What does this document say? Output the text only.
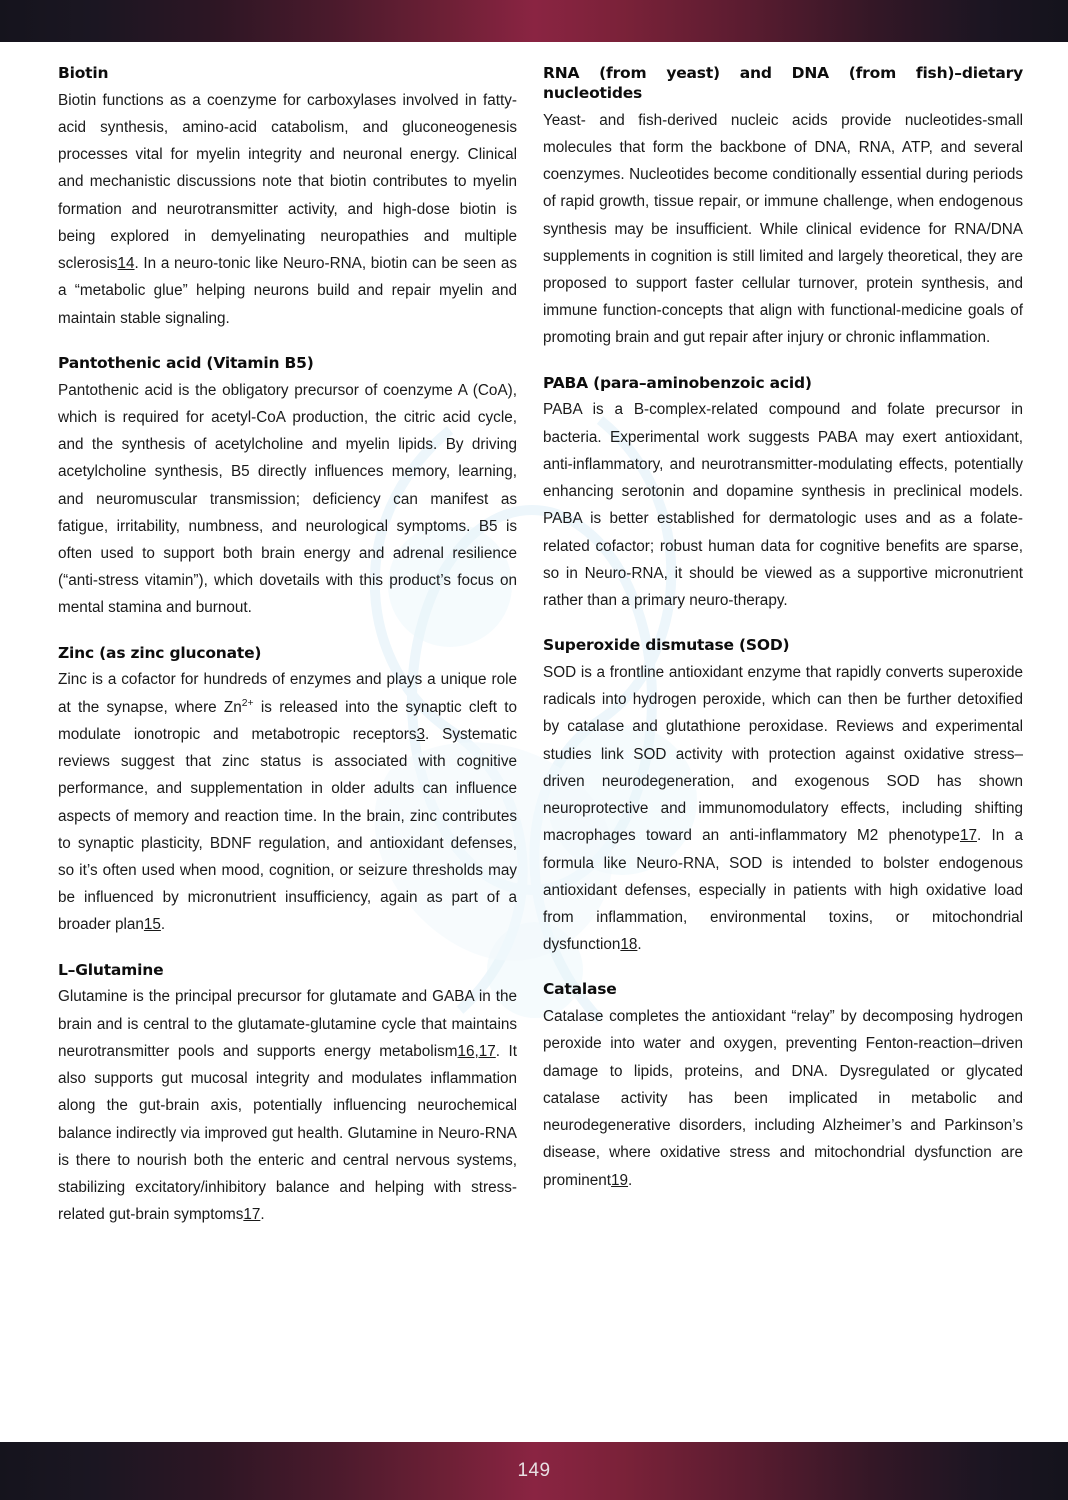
Biotin

Biotin functions as a coenzyme for carboxylases involved in fatty-acid synthesis, amino-acid catabolism, and gluconeogenesis processes vital for myelin integrity and neuronal energy. Clinical and mechanistic discussions note that biotin contributes to myelin formation and neurotransmitter activity, and high-dose biotin is being explored in demyelinating neuropathies and multiple sclerosis14. In a neuro-tonic like Neuro-RNA, biotin can be seen as a “metabolic glue” helping neurons build and repair myelin and maintain stable signaling.

Pantothenic acid (Vitamin B5)

Pantothenic acid is the obligatory precursor of coenzyme A (CoA), which is required for acetyl-CoA production, the citric acid cycle, and the synthesis of acetylcholine and myelin lipids. By driving acetylcholine synthesis, B5 directly influences memory, learning, and neuromuscular transmission; deficiency can manifest as fatigue, irritability, numbness, and neurological symptoms. B5 is often used to support both brain energy and adrenal resilience (“anti-stress vitamin”), which dovetails with this product’s focus on mental stamina and burnout.

Zinc (as zinc gluconate)

Zinc is a cofactor for hundreds of enzymes and plays a unique role at the synapse, where $Zn^{2+}$ is released into the synaptic cleft to modulate ionotropic and metabotropic receptors3. Systematic reviews suggest that zinc status is associated with cognitive performance, and supplementation in older adults can influence aspects of memory and reaction time. In the brain, zinc contributes to synaptic plasticity, BDNF regulation, and antioxidant defenses, so it’s often used when mood, cognition, or seizure thresholds may be influenced by micronutrient insufficiency, again as part of a broader plan15.

L–Glutamine

Glutamine is the principal precursor for glutamate and GABA in the brain and is central to the glutamate-glutamine cycle that maintains neurotransmitter pools and supports energy metabolism16,17. It also supports gut mucosal integrity and modulates inflammation along the gut-brain axis, potentially influencing neurochemical balance indirectly via improved gut health. Glutamine in Neuro-RNA is there to nourish both the enteric and central nervous systems, stabilizing excitatory/inhibitory balance and helping with stress-related gut-brain symptoms17.

RNA (from yeast) and DNA (from fish)–dietary nucleotides

Yeast- and fish-derived nucleic acids provide nucleotides-small molecules that form the backbone of DNA, RNA, ATP, and several coenzymes. Nucleotides become conditionally essential during periods of rapid growth, tissue repair, or immune challenge, when endogenous synthesis may be insufficient. While clinical evidence for RNA/DNA supplements in cognition is still limited and largely theoretical, they are proposed to support faster cellular turnover, protein synthesis, and immune function-concepts that align with functional-medicine goals of promoting brain and gut repair after injury or chronic inflammation.

PABA (para–aminobenzoic acid)

PABA is a B-complex-related compound and folate precursor in bacteria. Experimental work suggests PABA may exert antioxidant, anti-inflammatory, and neurotransmitter-modulating effects, potentially enhancing serotonin and dopamine synthesis in preclinical models. PABA is better established for dermatologic uses and as a folate-related cofactor; robust human data for cognitive benefits are sparse, so in Neuro-RNA, it should be viewed as a supportive micronutrient rather than a primary neuro-therapy.

Superoxide dismutase (SOD)

SOD is a frontline antioxidant enzyme that rapidly converts superoxide radicals into hydrogen peroxide, which can then be further detoxified by catalase and glutathione peroxidase. Reviews and experimental studies link SOD activity with protection against oxidative stress–driven neurodegeneration, and exogenous SOD has shown neuroprotective and immunomodulatory effects, including shifting macrophages toward an anti-inflammatory M2 phenotype17. In a formula like Neuro-RNA, SOD is intended to bolster endogenous antioxidant defenses, especially in patients with high oxidative load from inflammation, environmental toxins, or mitochondrial dysfunction18.

Catalase

Catalase completes the antioxidant “relay” by decomposing hydrogen peroxide into water and oxygen, preventing Fenton-reaction–driven damage to lipids, proteins, and DNA. Dysregulated or glycated catalase activity has been implicated in metabolic and neurodegenerative disorders, including Alzheimer’s and Parkinson’s disease, where oxidative stress and mitochondrial dysfunction are prominent19.

149
